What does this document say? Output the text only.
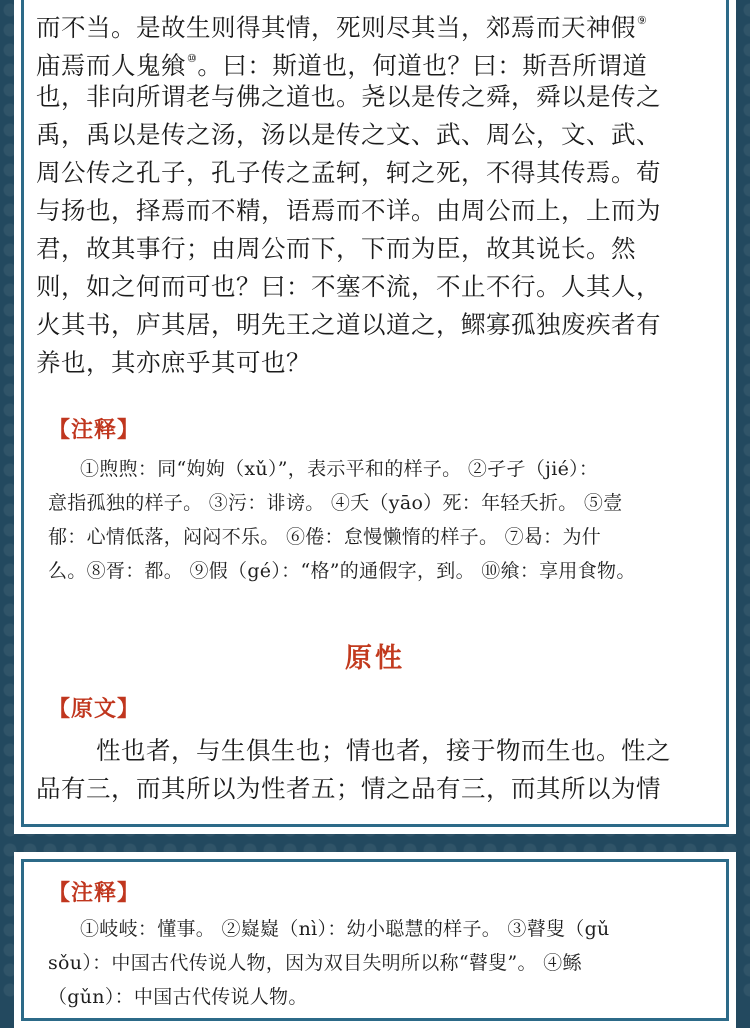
而不当。是故生则得其情，死则尽其当，郊焉而天神假⑨
庙焉而人鬼飨⑩。曰：斯道也，何道也？曰：斯吾所谓道
也，非向所谓老与佛之道也。尧以是传之舜，舜以是传之
禹，禹以是传之汤，汤以是传之文、武、周公，文、武、
周公传之孔子，孔子传之孟轲，轲之死，不得其传焉。荀
与扬也，择焉而不精，语焉而不详。由周公而上，上而为
君，故其事行；由周公而下，下而为臣，故其说长。然
则，如之何而可也？曰：不塞不流，不止不行。人其人，
火其书，庐其居，明先王之道以道之，鳏寡孤独废疾者有
养也，其亦庶乎其可也？
【注释】
①煦煦：同“姁姁（xǔ）”，表示平和的样子。 ②孑孑（jié）：
意指孤独的样子。 ③污：诽谤。 ④夭（yāo）死：年轻夭折。 ⑤壹
郁：心情低落，闷闷不乐。 ⑥倦：怠慢懒惰的样子。 ⑦曷：为什
么。⑧胥：都。 ⑨假（gé）：“格”的通假字，到。 ⑩飨：享用食物。
原性
【原文】
性也者，与生俱生也；情也者，接于物而生也。性之
品有三，而其所以为性者五；情之品有三，而其所以为情
【注释】
①岐岐：懂事。 ②嶷嶷（nì）：幼小聪慧的样子。 ③瞽叟（gǔ
sǒu）：中国古代传说人物，因为双目失明所以称“瞽叟”。 ④鲧
（gǔn）：中国古代传说人物。
